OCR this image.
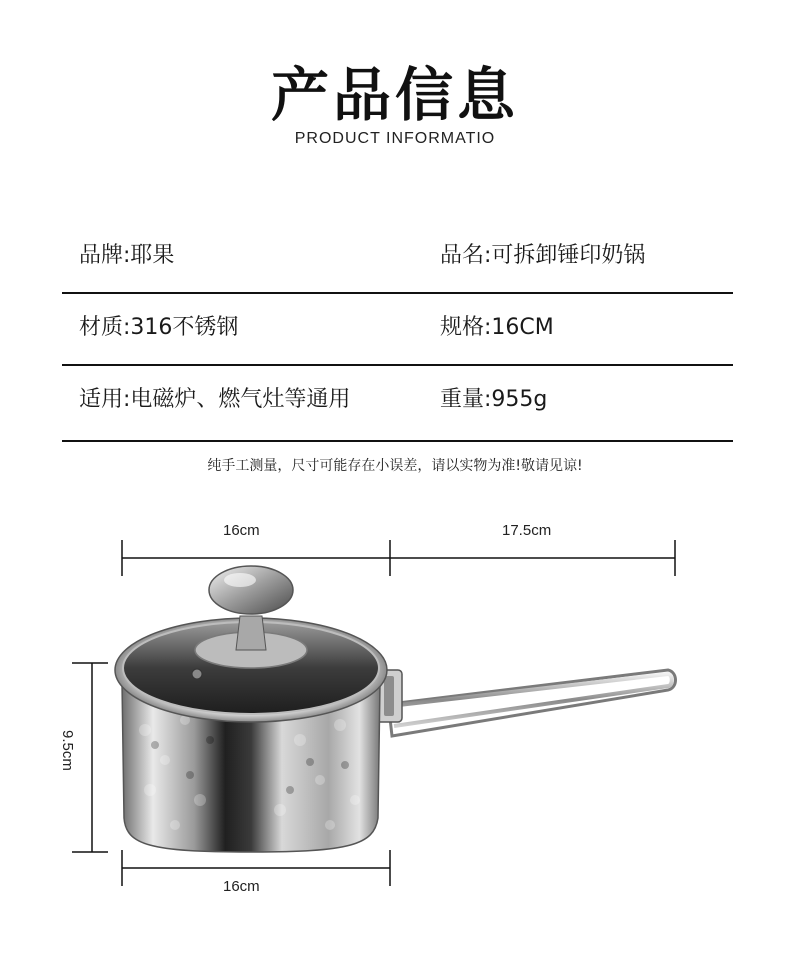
产品信息
PRODUCT INFORMATIO
品牌:耶果	品名:可拆卸锤印奶锅
材质:316不锈钢	规格:16CM
适用:电磁炉、燃气灶等通用	重量:955g
纯手工测量，尺寸可能存在小误差，请以实物为准!敬请见谅!
16cm	17.5cm
9.5cm
16cm
